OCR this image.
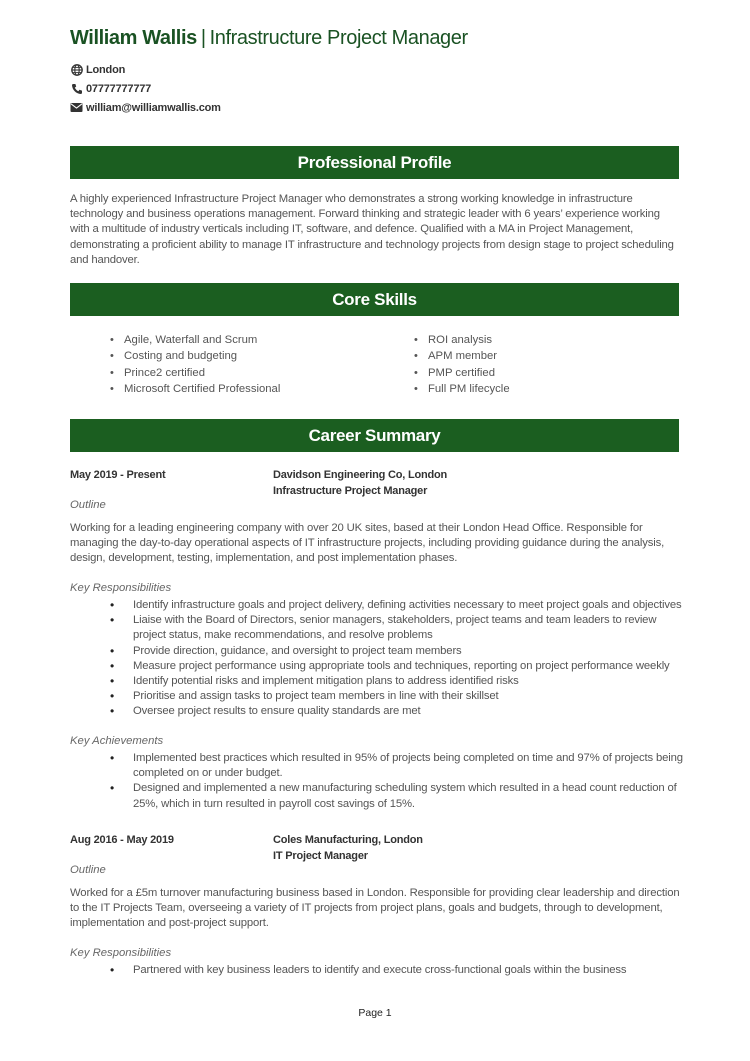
William Wallis | Infrastructure Project Manager
London
07777777777
william@williamwallis.com
Professional Profile
A highly experienced Infrastructure Project Manager who demonstrates a strong working knowledge in infrastructure technology and business operations management. Forward thinking and strategic leader with 6 years’ experience working with a multitude of industry verticals including IT, software, and defence. Qualified with a MA in Project Management, demonstrating a proficient ability to manage IT infrastructure and technology projects from design stage to project scheduling and handover.
Core Skills
• Agile, Waterfall and Scrum
• Costing and budgeting
• Prince2 certified
• Microsoft Certified Professional
• ROI analysis
• APM member
• PMP certified
• Full PM lifecycle
Career Summary
May 2019 - Present	Davidson Engineering Co, London
Infrastructure Project Manager
Outline
Working for a leading engineering company with over 20 UK sites, based at their London Head Office. Responsible for managing the day-to-day operational aspects of IT infrastructure projects, including providing guidance during the analysis, design, development, testing, implementation, and post implementation phases.
Key Responsibilities
• Identify infrastructure goals and project delivery, defining activities necessary to meet project goals and objectives
• Liaise with the Board of Directors, senior managers, stakeholders, project teams and team leaders to review project status, make recommendations, and resolve problems
• Provide direction, guidance, and oversight to project team members
• Measure project performance using appropriate tools and techniques, reporting on project performance weekly
• Identify potential risks and implement mitigation plans to address identified risks
• Prioritise and assign tasks to project team members in line with their skillset
• Oversee project results to ensure quality standards are met
Key Achievements
• Implemented best practices which resulted in 95% of projects being completed on time and 97% of projects being completed on or under budget.
• Designed and implemented a new manufacturing scheduling system which resulted in a head count reduction of 25%, which in turn resulted in payroll cost savings of 15%.
Aug 2016 - May 2019	Coles Manufacturing, London
IT Project Manager
Outline
Worked for a £5m turnover manufacturing business based in London. Responsible for providing clear leadership and direction to the IT Projects Team, overseeing a variety of IT projects from project plans, goals and budgets, through to development, implementation and post-project support.
Key Responsibilities
• Partnered with key business leaders to identify and execute cross-functional goals within the business
Page 1
